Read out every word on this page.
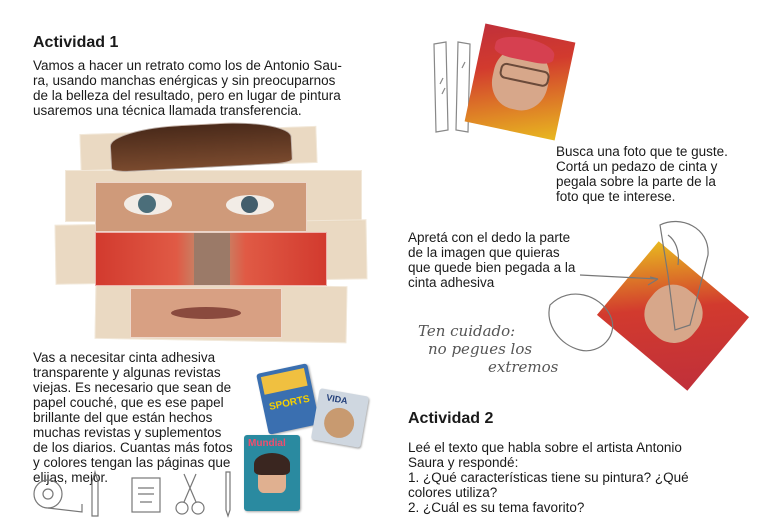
Actividad 1
Vamos a hacer un retrato como los de Antonio Sau-
ra, usando manchas enérgicas y sin preocuparnos
de la belleza del resultado, pero en lugar de pintura
usaremos una técnica llamada transferencia.
Vas a necesitar cinta adhesiva
transparente y algunas revistas
viejas. Es necesario que sean de
papel couché, que es ese papel
brillante del que están hechos
muchas revistas y suplementos
de los diarios. Cuantas más fotos
y colores tengan las páginas que
elijas, mejor.
SPORTS VIDA
Mundial
Busca una foto que te guste.
Cortá un pedazo de cinta y
pegala sobre la parte de la
foto que te interese.
Apretá con el dedo la parte
de la imagen que quieras
que quede bien pegada a la
cinta adhesiva
Ten cuidado:
no pegues los
extremos
Actividad 2
Leé el texto que habla sobre el artista Antonio
Saura y respondé:
1. ¿Qué características tiene su pintura? ¿Qué
colores utiliza?
2. ¿Cuál es su tema favorito?
